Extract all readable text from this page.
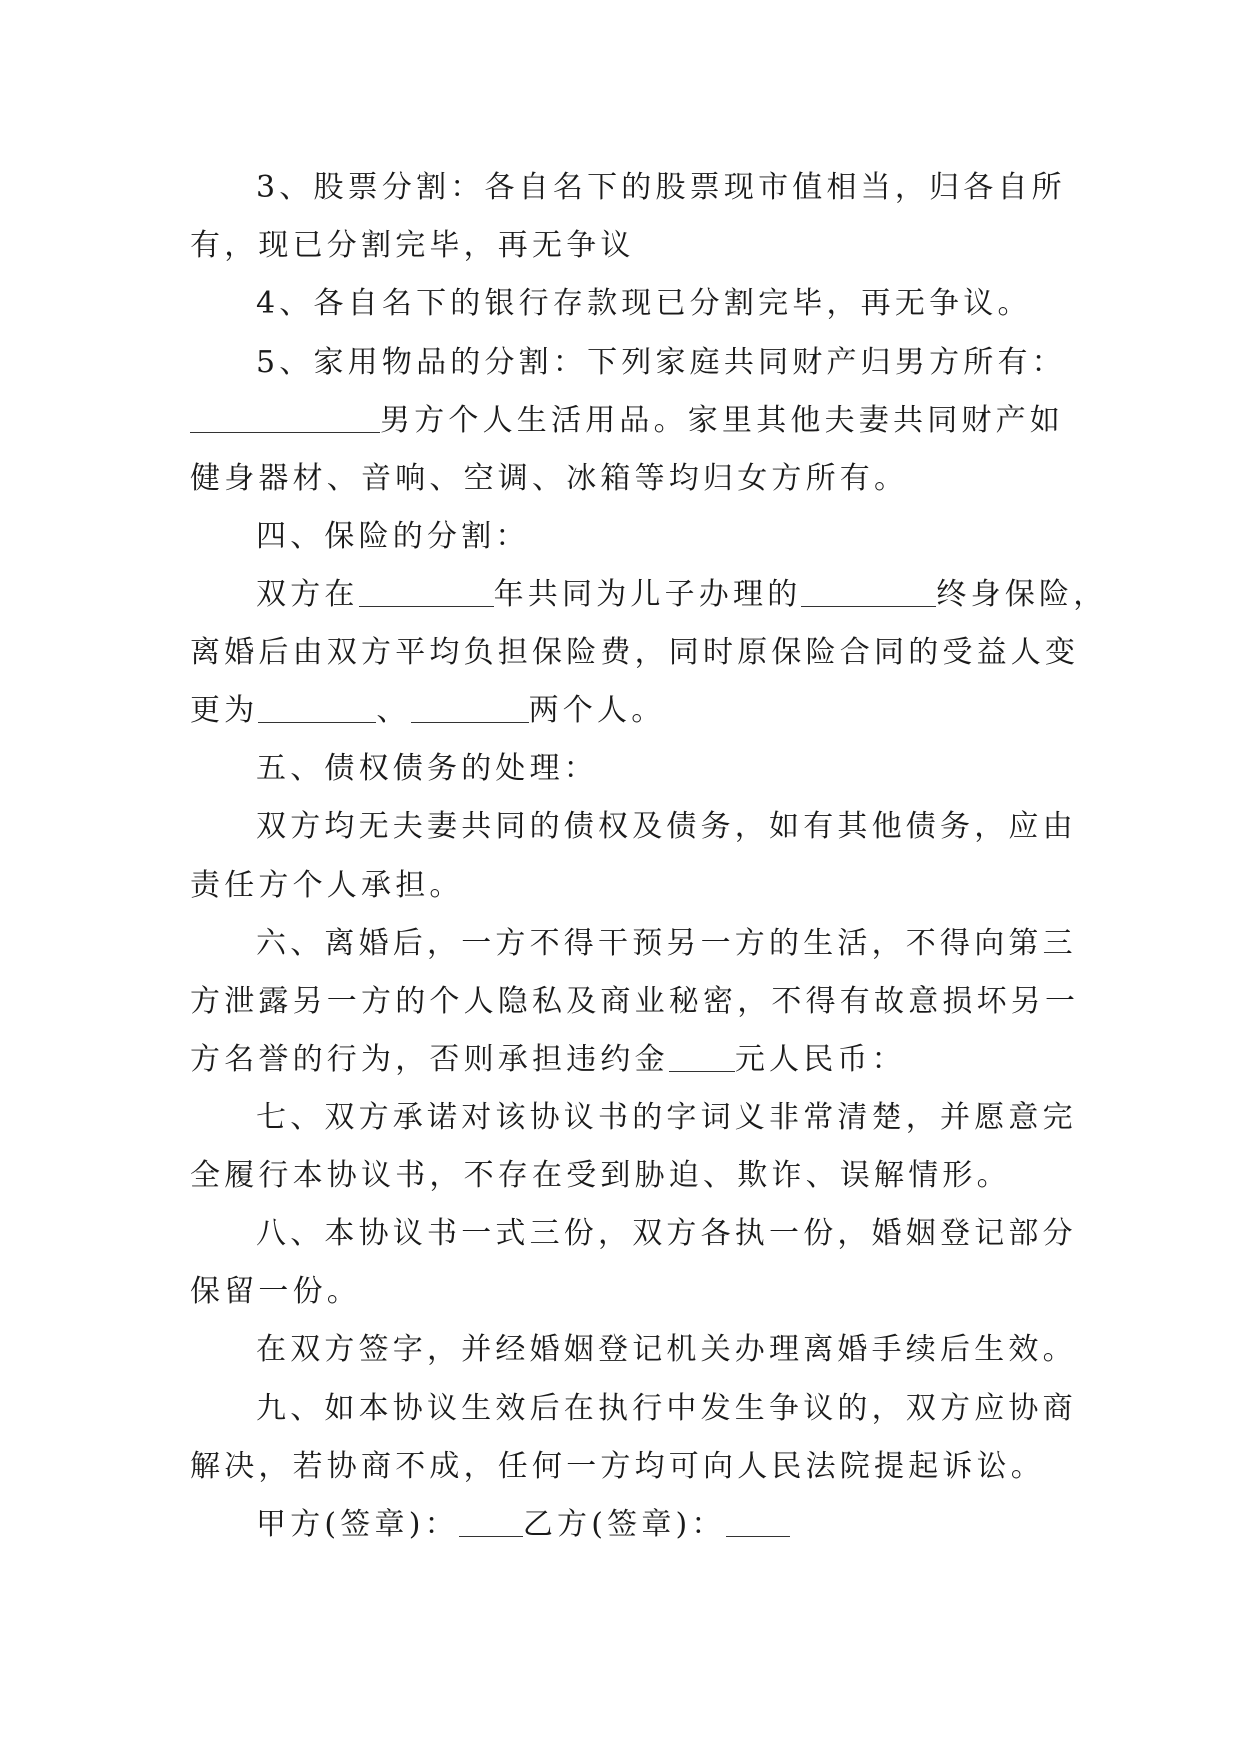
3、股票分割：各自名下的股票现市值相当，归各自所
有，现已分割完毕，再无争议
4、各自名下的银行存款现已分割完毕，再无争议。
5、家用物品的分割：下列家庭共同财产归男方所有：
男方个人生活用品。家里其他夫妻共同财产如
健身器材、音响、空调、冰箱等均归女方所有。
四、保险的分割：
双方在	年共同为儿子办理的	终身保险，
离婚后由双方平均负担保险费，同时原保险合同的受益人变
更为	、	两个人。
五、债权债务的处理：
双方均无夫妻共同的债权及债务，如有其他债务，应由
责任方个人承担。
六、离婚后，一方不得干预另一方的生活，不得向第三
方泄露另一方的个人隐私及商业秘密，不得有故意损坏另一
方名誉的行为，否则承担违约金 元人民币：
七、双方承诺对该协议书的字词义非常清楚，并愿意完
全履行本协议书，不存在受到胁迫、欺诈、误解情形。
八、本协议书一式三份，双方各执一份，婚姻登记部分
保留一份。
在双方签字，并经婚姻登记机关办理离婚手续后生效。
九、如本协议生效后在执行中发生争议的，双方应协商
解决，若协商不成，任何一方均可向人民法院提起诉讼。
甲方(签章)： 乙方(签章)：
